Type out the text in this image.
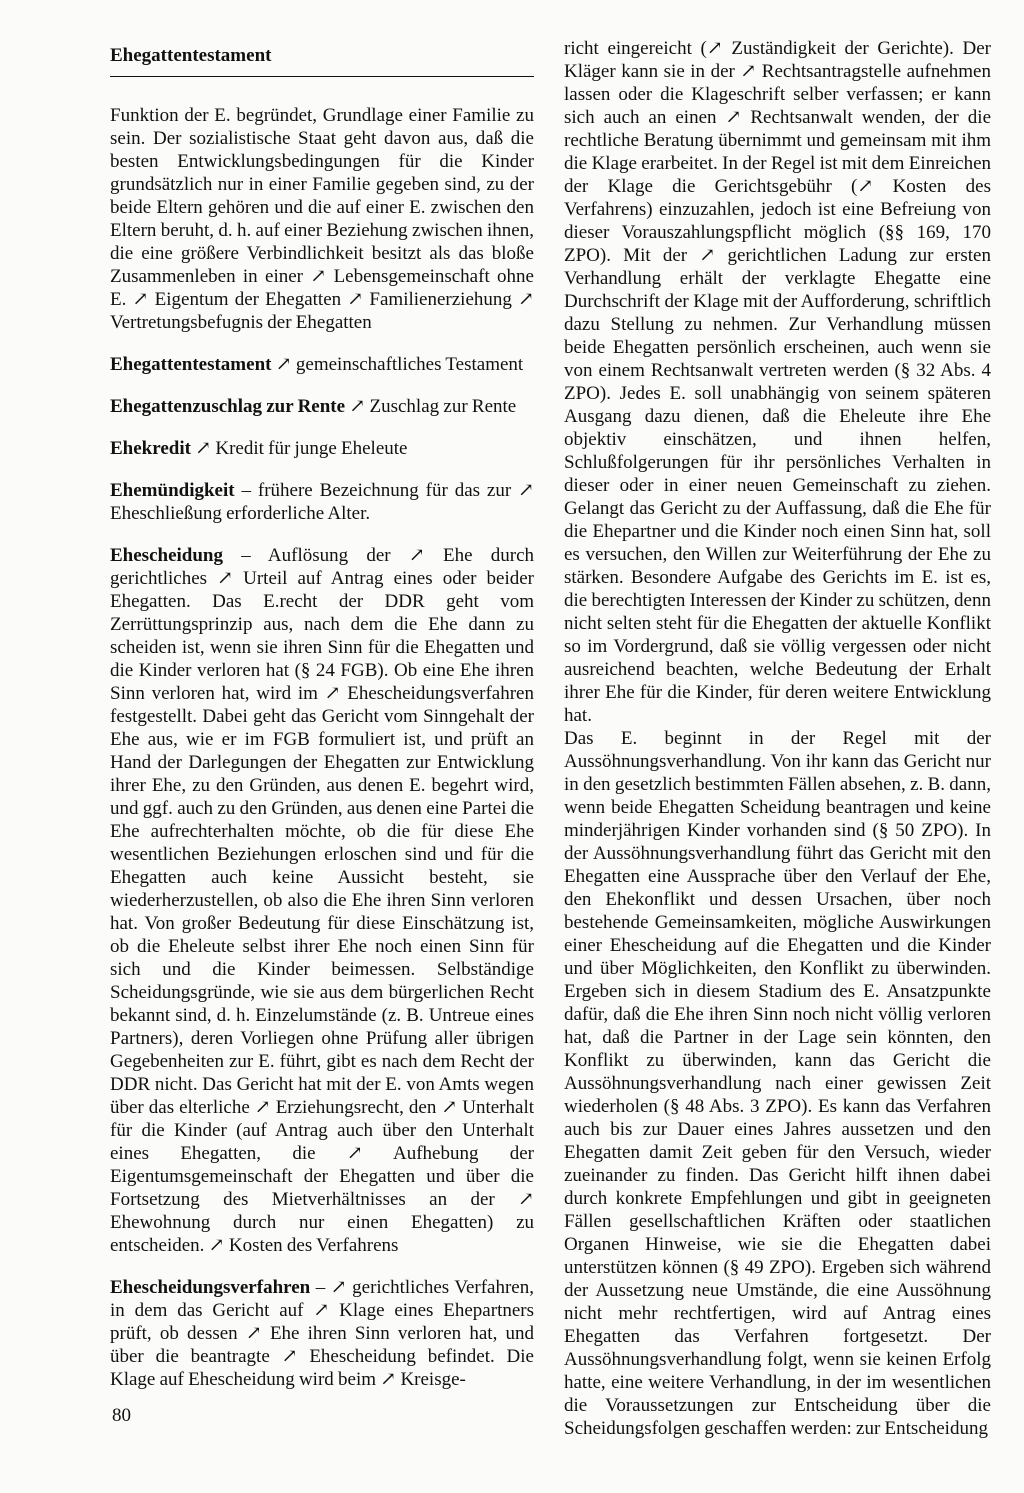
Ehegattentestament

Funktion der E. begründet, Grundlage einer Familie zu sein. Der sozialistische Staat geht davon aus, daß die besten Entwicklungsbedingungen für die Kinder grundsätzlich nur in einer Familie gegeben sind, zu der beide Eltern gehören und die auf einer E. zwischen den Eltern beruht, d. h. auf einer Beziehung zwischen ihnen, die eine größere Verbindlichkeit besitzt als das bloße Zusammenleben in einer ↗ Lebensgemeinschaft ohne E. ↗ Eigentum der Ehegatten ↗ Familienerziehung ↗ Vertretungsbefugnis der Ehegatten

Ehegattentestament ↗ gemeinschaftliches Testament

Ehegattenzuschlag zur Rente ↗ Zuschlag zur Rente

Ehekredit ↗ Kredit für junge Eheleute

Ehemündigkeit – frühere Bezeichnung für das zur ↗ Eheschließung erforderliche Alter.

Ehescheidung – Auflösung der ↗ Ehe durch gerichtliches ↗ Urteil auf Antrag eines oder beider Ehegatten. Das E.recht der DDR geht vom Zerrüttungsprinzip aus, nach dem die Ehe dann zu scheiden ist, wenn sie ihren Sinn für die Ehegatten und die Kinder verloren hat (§ 24 FGB). Ob eine Ehe ihren Sinn verloren hat, wird im ↗ Ehescheidungsverfahren festgestellt. Dabei geht das Gericht vom Sinngehalt der Ehe aus, wie er im FGB formuliert ist, und prüft an Hand der Darlegungen der Ehegatten zur Entwicklung ihrer Ehe, zu den Gründen, aus denen E. begehrt wird, und ggf. auch zu den Gründen, aus denen eine Partei die Ehe aufrechterhalten möchte, ob die für diese Ehe wesentlichen Beziehungen erloschen sind und für die Ehegatten auch keine Aussicht besteht, sie wiederherzustellen, ob also die Ehe ihren Sinn verloren hat. Von großer Bedeutung für diese Einschätzung ist, ob die Eheleute selbst ihrer Ehe noch einen Sinn für sich und die Kinder beimessen. Selbständige Scheidungsgründe, wie sie aus dem bürgerlichen Recht bekannt sind, d. h. Einzelumstände (z. B. Untreue eines Partners), deren Vorliegen ohne Prüfung aller übrigen Gegebenheiten zur E. führt, gibt es nach dem Recht der DDR nicht. Das Gericht hat mit der E. von Amts wegen über das elterliche ↗ Erziehungsrecht, den ↗ Unterhalt für die Kinder (auf Antrag auch über den Unterhalt eines Ehegatten, die ↗ Aufhebung der Eigentumsgemeinschaft der Ehegatten und über die Fortsetzung des Mietverhältnisses an der ↗ Ehewohnung durch nur einen Ehegatten) zu entscheiden. ↗ Kosten des Verfahrens

Ehescheidungsverfahren – ↗ gerichtliches Verfahren, in dem das Gericht auf ↗ Klage eines Ehepartners prüft, ob dessen ↗ Ehe ihren Sinn verloren hat, und über die beantragte ↗ Ehescheidung befindet. Die Klage auf Ehescheidung wird beim ↗ Kreisge-

richt eingereicht (↗ Zuständigkeit der Gerichte). Der Kläger kann sie in der ↗ Rechtsantragstelle aufnehmen lassen oder die Klageschrift selber verfassen; er kann sich auch an einen ↗ Rechtsanwalt wenden, der die rechtliche Beratung übernimmt und gemeinsam mit ihm die Klage erarbeitet. In der Regel ist mit dem Einreichen der Klage die Gerichtsgebühr (↗ Kosten des Verfahrens) einzuzahlen, jedoch ist eine Befreiung von dieser Vorauszahlungspflicht möglich (§§ 169, 170 ZPO). Mit der ↗ gerichtlichen Ladung zur ersten Verhandlung erhält der verklagte Ehegatte eine Durchschrift der Klage mit der Aufforderung, schriftlich dazu Stellung zu nehmen. Zur Verhandlung müssen beide Ehegatten persönlich erscheinen, auch wenn sie von einem Rechtsanwalt vertreten werden (§ 32 Abs. 4 ZPO). Jedes E. soll unabhängig von seinem späteren Ausgang dazu dienen, daß die Eheleute ihre Ehe objektiv einschätzen, und ihnen helfen, Schlußfolgerungen für ihr persönliches Verhalten in dieser oder in einer neuen Gemeinschaft zu ziehen. Gelangt das Gericht zu der Auffassung, daß die Ehe für die Ehepartner und die Kinder noch einen Sinn hat, soll es versuchen, den Willen zur Weiterführung der Ehe zu stärken. Besondere Aufgabe des Gerichts im E. ist es, die berechtigten Interessen der Kinder zu schützen, denn nicht selten steht für die Ehegatten der aktuelle Konflikt so im Vordergrund, daß sie völlig vergessen oder nicht ausreichend beachten, welche Bedeutung der Erhalt ihrer Ehe für die Kinder, für deren weitere Entwicklung hat.

Das E. beginnt in der Regel mit der Aussöhnungsverhandlung. Von ihr kann das Gericht nur in den gesetzlich bestimmten Fällen absehen, z. B. dann, wenn beide Ehegatten Scheidung beantragen und keine minderjährigen Kinder vorhanden sind (§ 50 ZPO). In der Aussöhnungsverhandlung führt das Gericht mit den Ehegatten eine Aussprache über den Verlauf der Ehe, den Ehekonflikt und dessen Ursachen, über noch bestehende Gemeinsamkeiten, mögliche Auswirkungen einer Ehescheidung auf die Ehegatten und die Kinder und über Möglichkeiten, den Konflikt zu überwinden. Ergeben sich in diesem Stadium des E. Ansatzpunkte dafür, daß die Ehe ihren Sinn noch nicht völlig verloren hat, daß die Partner in der Lage sein könnten, den Konflikt zu überwinden, kann das Gericht die Aussöhnungsverhandlung nach einer gewissen Zeit wiederholen (§ 48 Abs. 3 ZPO). Es kann das Verfahren auch bis zur Dauer eines Jahres aussetzen und den Ehegatten damit Zeit geben für den Versuch, wieder zueinander zu finden. Das Gericht hilft ihnen dabei durch konkrete Empfehlungen und gibt in geeigneten Fällen gesellschaftlichen Kräften oder staatlichen Organen Hinweise, wie sie die Ehegatten dabei unterstützen können (§ 49 ZPO). Ergeben sich während der Aussetzung neue Umstände, die eine Aussöhnung nicht mehr rechtfertigen, wird auf Antrag eines Ehegatten das Verfahren fortgesetzt. Der Aussöhnungsverhandlung folgt, wenn sie keinen Erfolg hatte, eine weitere Verhandlung, in der im wesentlichen die Voraussetzungen zur Entscheidung über die Scheidungsfolgen geschaffen werden: zur Entscheidung

80
